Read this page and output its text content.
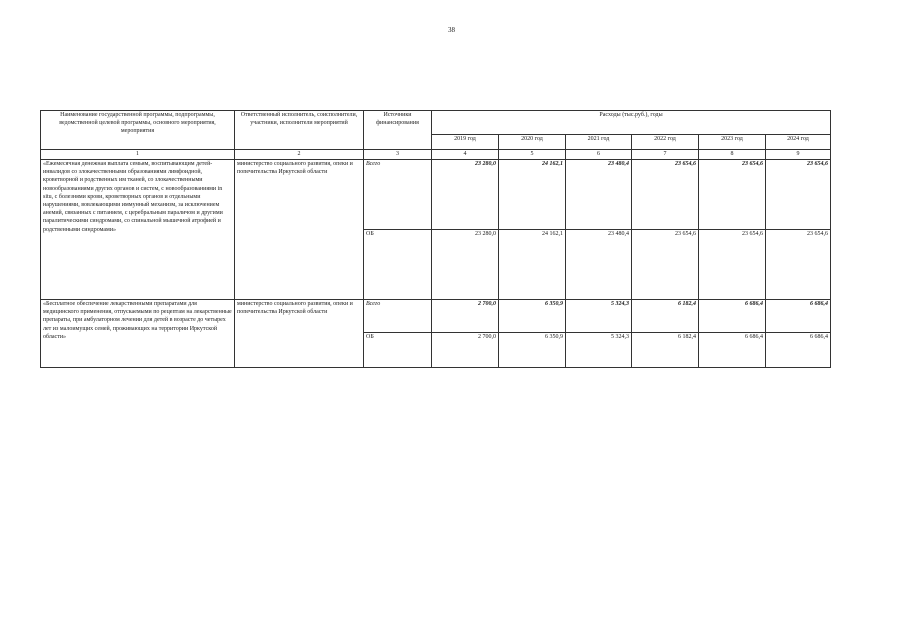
38
Наименование государственной программы, подпрограммы, ведомственной целевой программы, основного мероприятия, мероприятия	Ответственный исполнитель, соисполнители, участники, исполнители мероприятий	Источники финансирования	Расходы (тыс.руб.), годы					
			2019 год	2020 год	2021 год	2022 год	2023 год	2024 год
1	2	3	4	5	6	7	8	9
«Ежемесячная денежная выплата семьям, воспитывающим детей-инвалидов со злокачественными образованиями лимфоидной, кроветворной и родственных им тканей, со злокачественными новообразованиями других органов и систем, с новообразованиями in situ, с болезнями крови, кроветворных органов и отдельными нарушениями, вовлекающими иммунный механизм, за исключением анемий, связанных с питанием, с церебральным параличом и другими паралитическими синдромами, со спинальной мышечной атрофией и родственными синдромами»	министерство социального развития, опеки и попечительства Иркутской области	Всего	23 280,0	24 162,1	23 480,4	23 654,6	23 654,6	23 654,6
		ОБ	23 280,0	24 162,1	23 480,4	23 654,6	23 654,6	23 654,6
«Бесплатное обеспечение лекарственными препаратами для медицинского применения, отпускаемыми по рецептам на лекарственные препараты, при амбулаторном лечении для детей в возрасте до четырех лет из малоимущих семей, проживающих на территории Иркутской области»	министерство социального развития, опеки и попечительства Иркутской области	Всего	2 700,0	6 350,9	5 324,3	6 182,4	6 686,4	6 686,4
		ОБ	2 700,0	6 350,9	5 324,3	6 182,4	6 686,4	6 686,4
